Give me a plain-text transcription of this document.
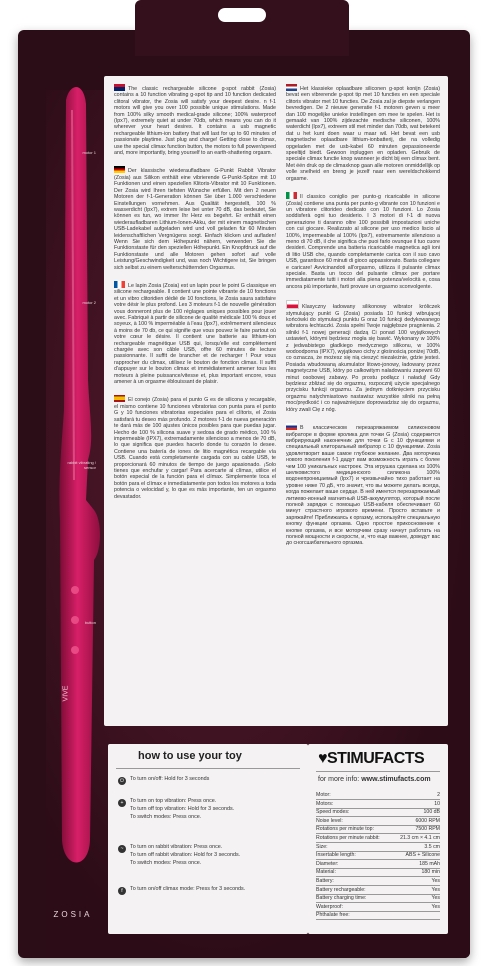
ZOSIA
VIVE
motor 1
motor 2
rabbit vibrating / sensor
button
The classic rechargeable silicone g-spot rabbit (Zosia) contains a 10 function vibrating g-spot tip and 10 function dedicated clitoral vibrator, the Zosia will satisfy your deepest desire. n f-1 motors will give you over 100 possible unique stimulations. Made from 100% silky smooth medical-grade silicone; 100% waterproof (Ipx7), extremely quiet at under 70db, which means you can do it wherever your heart desires. It contains a usb magnetic rechargeable lithium-ion battery that will last for up to 60 minutes of passionate playtime. Just plug and charge! Getting close to climax, use the special climax function button, the motors to full power/speed and, more importantly, bring yourself to an earth-shattering orgasm.
Der klassische wiederaufladbare G-Punkt Rabbit Vibrator (Zosia) aus Silikon enthält eine vibrierende G-Punkt-Spitze mit 10 Funktionen und einen speziellen Klitoris-Vibrator mit 10 Funktionen. Der Zosia wird Ihren tiefsten Wünsche erfüllen. Mit den 2 neuen Motoren der f-1-Generation können Sie über 1.000 verschiedene Einstellungen vornehmen. Aus Qualität hergestellt, 100 % wasserdicht (Ipx7), extrem leise bei unter 70 dB, das bedeutet, Sie können es tun, wo immer Ihr Herz es begehrt. Er enthält einen wiederaufladbaren Lithium-Ionen-Akku, der mit einem magnetischen USB-Ladekabel aufgeladen wird und voll geladen für 60 Minuten leidenschaftlichen Vergnügens sorgt. Einfach klicken und aufladen! Wenn Sie sich dem Höhepunkt nähern, verwenden Sie die Funktionstaste für den speziellen Höhepunkt. Ein Knopfdruck auf die Funktionstaste und alle Motoren gehen sofort auf volle Leistung/Geschwindigkeit und, was noch Wichtigere ist, Sie bringen sich selbst zu einem welterschütternden Orgasmus.
Le lapin Zosia (Zosia) est un lapin pour le point G classique en silicone rechargeable. Il contient une pointe vibrante de 10 fonctions et un vibro clitoridien dédié de 10 fonctions, le Zosia saura satisfaire votre désir le plus profond. Les 3 moteurs f-1 de nouvelle génération vous donneront plus de 100 réglages uniques possibles pour jouer avec. Fabriqué à partir de silicone de qualité médicale 100 % doux et soyeux, à 100 % imperméable à l'eau (Ipx7), extrêmement silencieux à moins de 70 db, ce qui signifie que vous pouvez le faire partout où votre cœur le désire. Il contient une batterie au lithium-ion rechargeable magnétique USB qui, lorsqu'elle est complètement chargée avec son câble USB, offre 60 minutes de lecture passionnante. Il suffit de brancher et de recharger ! Pour vous rapprocher du climax, utilisez le bouton de fonction climax. Il suffit d'appuyer sur le bouton climax et immédiatement amener tous les moteurs à pleine puissance/vitesse et, plus important encore, vous amener à un orgasme éblouissant de plaisir.
El conejo (Zosia) para el punto G es de silicona y recargable, el mismo contiene 10 funciones vibratorias con punta para el punto G y 10 funciones vibratorias especiales para el clítoris, el Zosia satisfará tu deseo más profundo. 2 motores f-1 de nueva generación te dará más de 100 ajustes únicos posibles para que puedas jugar. Hecho de 100 % silicona suave y sedosa de grado médico, 100 % impermeable (IPX7), extremadamente silencioso a menos de 70 dB, lo que significa que puedes hacerlo donde tu corazón lo desee. Contiene una batería de iones de litio magnética recargable vía USB. Cuando está completamente cargada con su cable USB, te proporcionará 60 minutos de tiempo de juego apasionado. ¡Solo tienes que enchufar y cargar! Para acercarte al clímax, utilice el botón especial de la función para el clímax. Simplemente toca el botón para el clímax e inmediatamente pon todos los motores a toda potencia o velocidad y, lo que es más importante, ten un orgasmo devastador.
Het klassieke oplaadbare siliconen g-spot konijn (Zosia) bevat een vibrerende g-spot tip met 10 functies en een speciale clitoris vibrator met 10 functies. De Zosia zal je diepste verlangen bevredigen. De 2 nieuwe generatie f-1 motoren geven u meer dan 100 mogelijke unieke instellingen om mee te spelen. Het is gemaakt van 100% zijdezachte medische siliconen, 100% waterdicht (Ipx7), extreem stil met minder dan 70db, wat betekent dat u het kunt doen waar u maar wil. Het bevat een usb magnetische oplaadbare lithium-ionbatterij, die na volledig opgeladen met de usb-kabel 60 minuten gepassioneerde speeltijd biedt. Gewoon inpluggen en opladen. Gebruik de speciale climax functie knop wanneer je dicht bij een climax bent. Met één druk op de climaxknop gaan alle motoren onmiddellijk op volle snelheid en breng je jezelf naar een wereldschokkend orgasme.
Il classico coniglio per punto-g ricaricabile in silicone (Zosia) contiene una punta per punto-g vibrante con 10 funzioni e un vibratore clitorideo dedicato con 10 funzioni. Lo Zosia soddisferà ogni tuo desiderio. I 3 motori di f-1 di nuova generazione ti daranno oltre 100 possibili impostazioni uniche con cui giocare. Realizzato al silicone per uso medico liscio al 100%, impermeabile al 100% (Ipx7), estremamente silenzioso a meno di 70 dB, il che significa che puoi farlo ovunque il tuo cuore desideri. Comprende una batteria ricaricabile magnetica agli ioni di litio USB che, quando completamente carica con il suo cavo USB, garantisce 60 minuti di gioco appassionato. Basta collegare e caricare! Avvicinandoti all'orgasmo, utilizza il pulsante climax speciale. Basta un tocco del pulsante climax per portare immediatamente tutti i motori alla piena potenza/velocità e, cosa ancora più importante, farti provare un orgasmo sconvolgente.
Klasyczny ładowany silikonowy wibrator króliczek stymulujący punkt G (Zosia) posiada 10 funkcji wibrującej końcówki do stymulacji punktu G oraz 10 funkcji dedykowanego wibratora łechtaczki. Zosia spełni Twoje najgłębsze pragnienia. 2 silniki f-1 nowej generacji dadzą Ci ponad 100 wyjątkowych ustawień, którymi będziesz mogła się bawić. Wykonany w 100% z jedwabistego gładkiego medycznego silikonu, w 100% wodoodporna (IPX7), wyjątkowo cichy z głośnością poniżej 70dB, co oznacza, że możesz się nią cieszyć niezależnie, gdzie jesteś. Posiada wbudowaną akumulator litowo-jonowy, ładowany przez magnetyczne USB, który po całkowitym naładowaniu zapewni 60 minut osobowej zabawy. Po prostu podłącz i naładuj! Gdy będziesz zbliżać się do orgazmu, rozpocznij użycie specjalnego przycisku funkcji orgazmu. Za jednym dotknięciem przycisku orgazmu natychmiastowo nastawisz wszystkie silniki na pełną moc/prędkość i co najważniejsze doprowadzisz się do orgazmu, który zwali Cię z nóg.
В классическом перезаряжаемом силиконовом вибраторе в форме кролика для точки G (Zosia) содержится вибрирующий наконечник для точки G с 10 функциями и специальный клиторальный вибратор с 10 функциями. Zosia удовлетворит ваше самое глубокое желание. Два моторчика нового поколения f-1 дадут вам возможность играть с более чем 100 уникальных настроек. Эта игрушка сделана из 100% шелковистого медицинского силикона 100% водонепроницаемый (Ipx7) и чрезвычайно тихо работает на уровне ниже 70 дБ, что значит, что вы можете делать всегда, когда пожелает ваше сердце. В ней имеется перезаряжаемый литиево-ионный магнитный USB-аккумулятор, который после полной зарядки с помощью USB-кабеля обеспечивает 60 минут страстного игрового времени. Просто вставьте и заряжайте! Приближаясь к оргазму, используйте специальную кнопку функции оргазма. Одно простое прикосновение к кнопке оргазма, и все моторчики сразу начнут работать на полной мощности и скорости, и, что еще важнее, доведут вас до сногсшибательного оргазма.
how to use your toy
⏻ To turn on/off: Hold for 3 seconds
+ To turn on top vibration: Press once.
To turn off top vibration: Hold for 3 seconds.
To switch modes: Press once.
~ To turn on rabbit vibration: Press once.
To turn off rabbit vibration: Hold for 3 seconds.
To switch modes: Press once.
f To turn on/off climax mode: Press for 3 seconds.
♥STIMUFACTS
for more info: www.stimufacts.com
Motor:	2
Motors:	10
Speed modes:	100 dB
Noise level:	6000 RPM
Rotations per minute top:	7500 RPM
Rotations per minute rabbit:	21.3 cm × 4.1 cm
Size:	3.5 cm
Insertable length:	ABS + Silicone
Diameter:	185 mAh
Material:	180 min
Battery:	Yes
Battery rechargeable:	Yes
Battery charging time:	Yes
Waterproof:	Yes
Phthalate free:
